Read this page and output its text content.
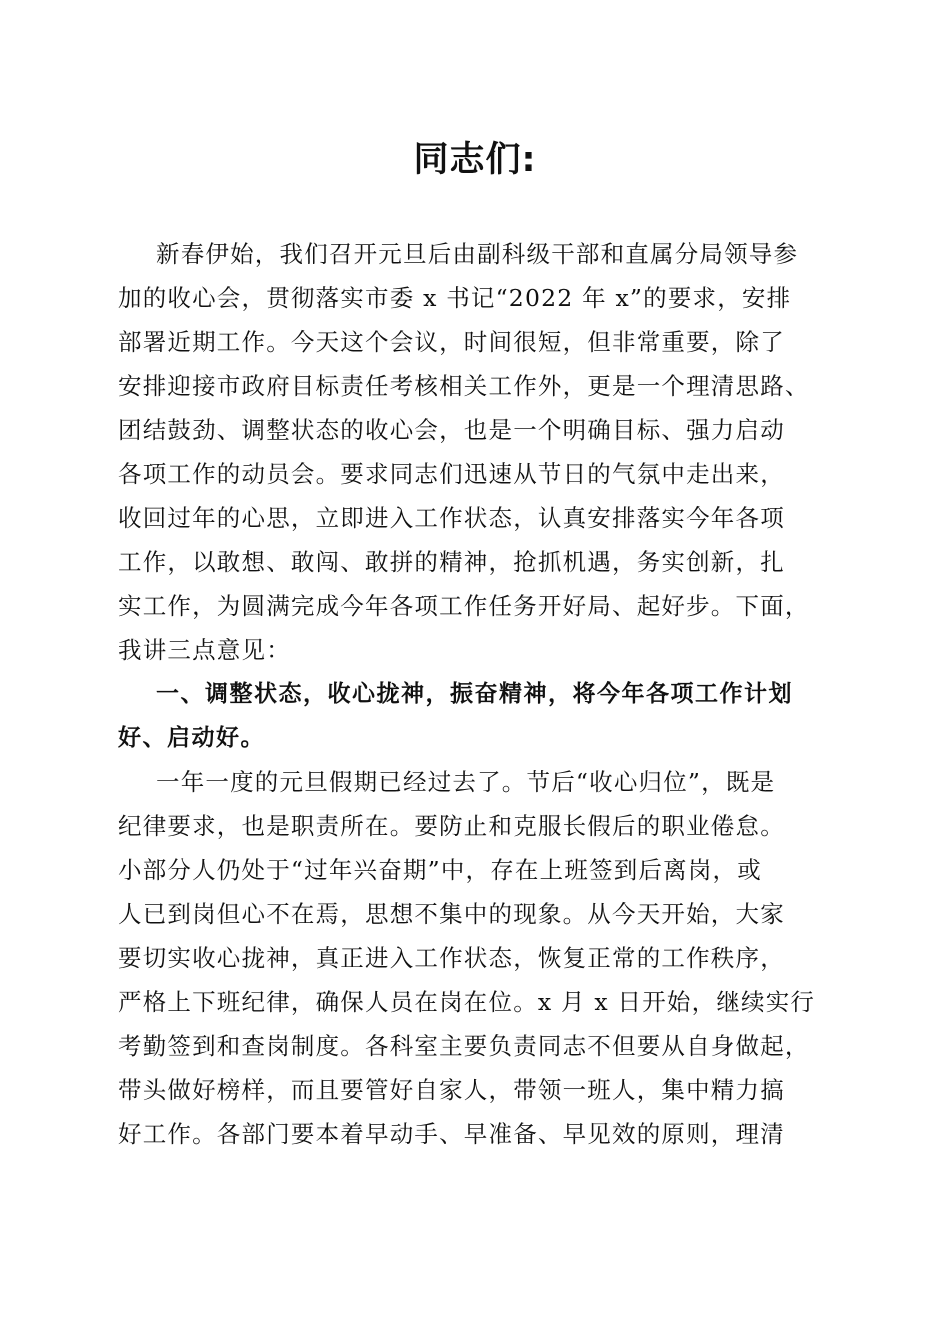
同志们:
新春伊始，我们召开元旦后由副科级干部和直属分局领导参
加的收心会，贯彻落实市委 x 书记“2022 年 x”的要求，安排
部署近期工作。今天这个会议，时间很短，但非常重要，除了
安排迎接市政府目标责任考核相关工作外，更是一个理清思路、
团结鼓劲、调整状态的收心会，也是一个明确目标、强力启动
各项工作的动员会。要求同志们迅速从节日的气氛中走出来，
收回过年的心思，立即进入工作状态，认真安排落实今年各项
工作，以敢想、敢闯、敢拼的精神，抢抓机遇，务实创新，扎
实工作，为圆满完成今年各项工作任务开好局、起好步。下面，
我讲三点意见：
一、调整状态，收心拢神，振奋精神，将今年各项工作计划
好、启动好。
一年一度的元旦假期已经过去了。节后“收心归位”，既是
纪律要求，也是职责所在。要防止和克服长假后的职业倦怠。
小部分人仍处于“过年兴奋期”中，存在上班签到后离岗，或
人已到岗但心不在焉，思想不集中的现象。从今天开始，大家
要切实收心拢神，真正进入工作状态，恢复正常的工作秩序，
严格上下班纪律，确保人员在岗在位。x 月 x 日开始，继续实行
考勤签到和查岗制度。各科室主要负责同志不但要从自身做起，
带头做好榜样，而且要管好自家人，带领一班人，集中精力搞
好工作。各部门要本着早动手、早准备、早见效的原则，理清
